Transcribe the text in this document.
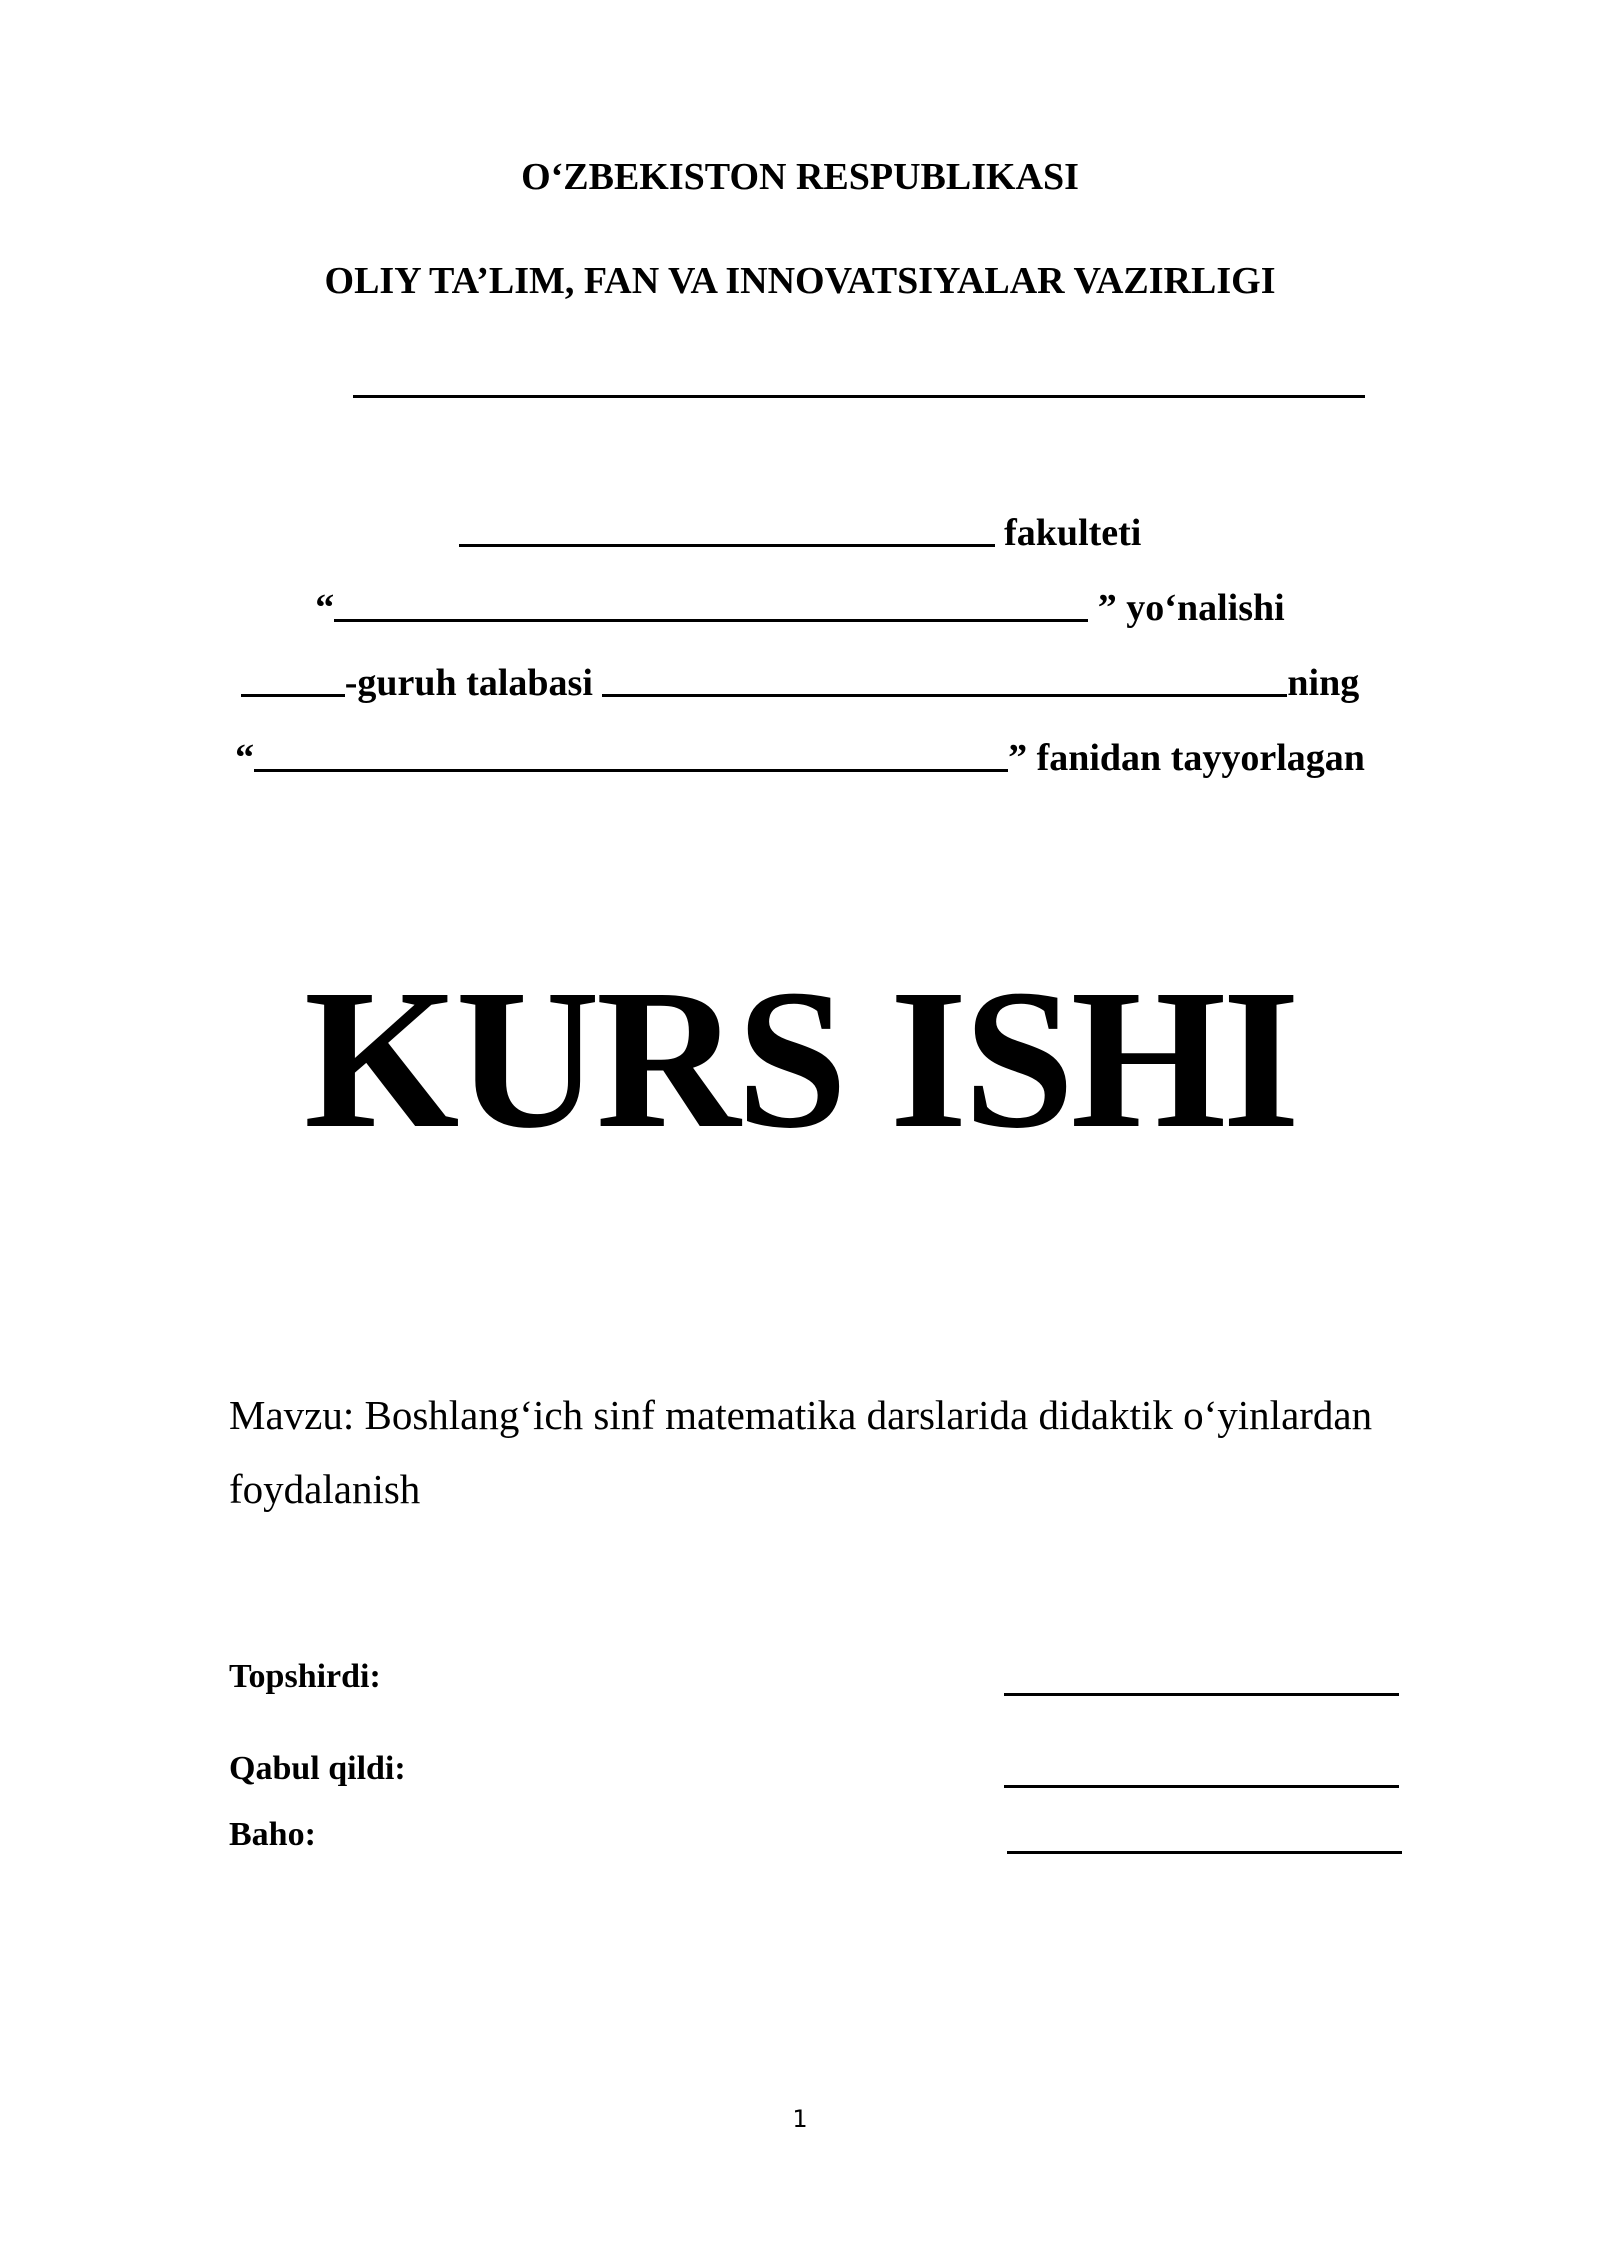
O‘ZBEKISTON RESPUBLIKASI
OLIY TA’LIM, FAN VA INNOVATSIYALAR VAZIRLIGI
fakulteti
“	” yo‘nalishi
-guruh talabasi	ning
“	” fanidan tayyorlagan
KURS ISHI
Mavzu: Boshlang‘ich sinf matematika darslarida didaktik o‘yinlardan foydalanish
Topshirdi:
Qabul qildi:
Baho:
1
